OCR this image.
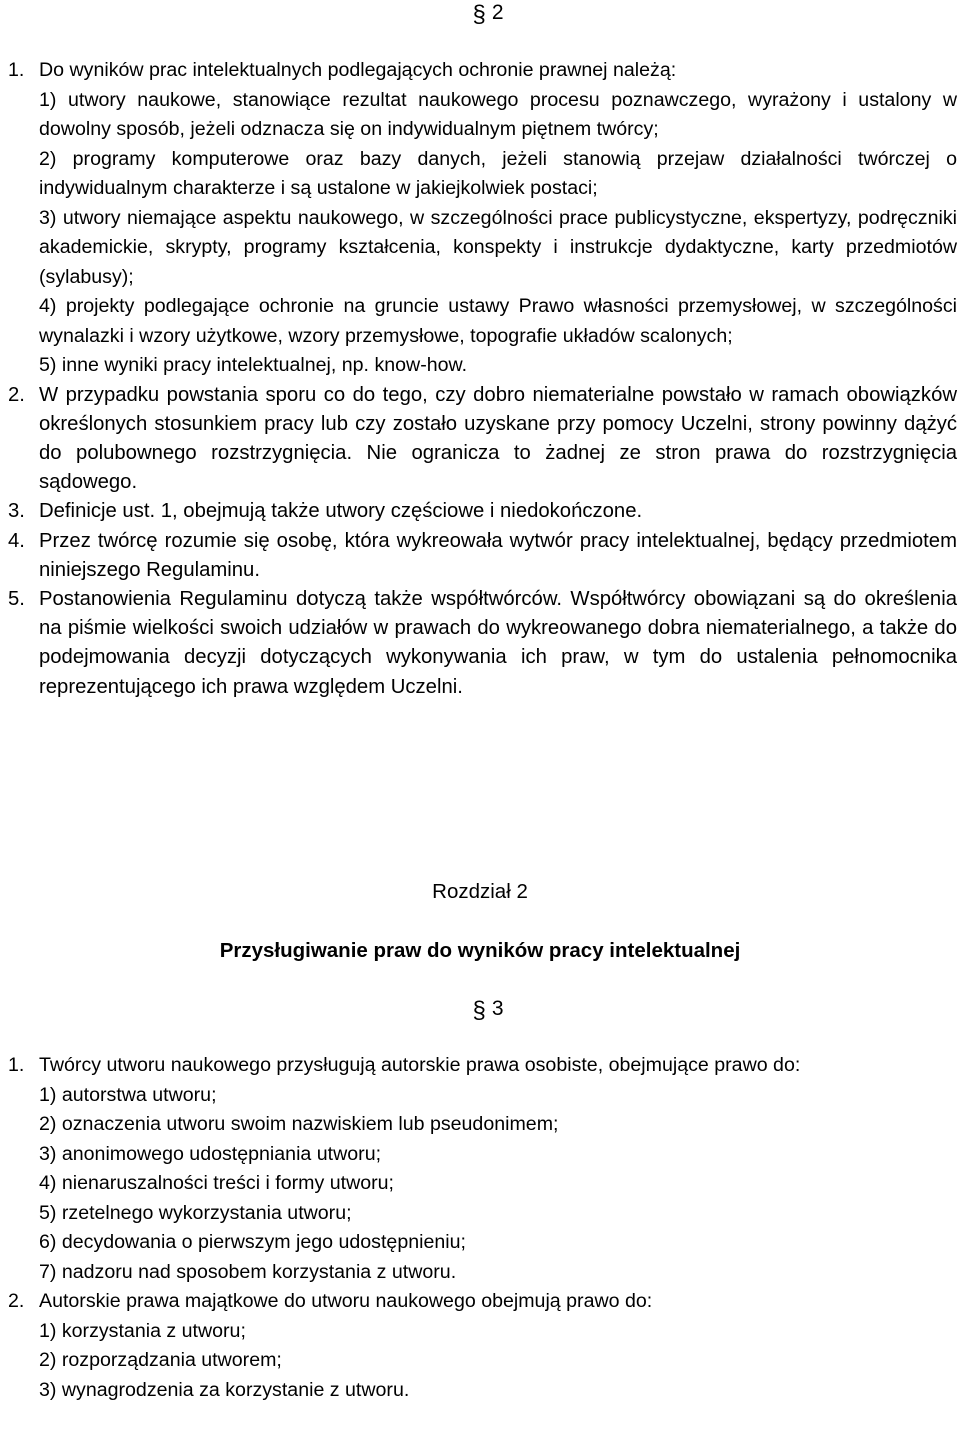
§ 2
1. Do wyników prac intelektualnych podlegających ochronie prawnej należą:
1) utwory naukowe, stanowiące rezultat naukowego procesu poznawczego, wyrażony i ustalony w dowolny sposób, jeżeli odznacza się on indywidualnym piętnem twórcy;
2) programy komputerowe oraz bazy danych, jeżeli stanowią przejaw działalności twórczej o indywidualnym charakterze i są ustalone w jakiejkolwiek postaci;
3) utwory niemające aspektu naukowego, w szczególności prace publicystyczne, ekspertyzy, podręczniki akademickie, skrypty, programy kształcenia, konspekty i instrukcje dydaktyczne, karty przedmiotów (sylabusy);
4) projekty podlegające ochronie na gruncie ustawy Prawo własności przemysłowej, w szczególności wynalazki i wzory użytkowe, wzory przemysłowe, topografie układów scalonych;
5) inne wyniki pracy intelektualnej, np. know-how.
2. W przypadku powstania sporu co do tego, czy dobro niematerialne powstało w ramach obowiązków określonych stosunkiem pracy lub czy zostało uzyskane przy pomocy Uczelni, strony powinny dążyć do polubownego rozstrzygnięcia. Nie ogranicza to żadnej ze stron prawa do rozstrzygnięcia sądowego.
3. Definicje ust. 1, obejmują także utwory częściowe i niedokończone.
4. Przez twórcę rozumie się osobę, która wykreowała wytwór pracy intelektualnej, będący przedmiotem niniejszego Regulaminu.
5. Postanowienia Regulaminu dotyczą także współtwórców. Współtwórcy obowiązani są do określenia na piśmie wielkości swoich udziałów w prawach do wykreowanego dobra niematerialnego, a także do podejmowania decyzji dotyczących wykonywania ich praw, w tym do ustalenia pełnomocnika reprezentującego ich prawa względem Uczelni.
Rozdział 2
Przysługiwanie praw do wyników pracy intelektualnej
§ 3
1. Twórcy utworu naukowego przysługują autorskie prawa osobiste, obejmujące prawo do:
1) autorstwa utworu;
2) oznaczenia utworu swoim nazwiskiem lub pseudonimem;
3) anonimowego udostępniania utworu;
4) nienaruszalności treści i formy utworu;
5) rzetelnego wykorzystania utworu;
6) decydowania o pierwszym jego udostępnieniu;
7) nadzoru nad sposobem korzystania z utworu.
2. Autorskie prawa majątkowe do utworu naukowego obejmują prawo do:
1) korzystania z utworu;
2) rozporządzania utworem;
3) wynagrodzenia za korzystanie z utworu.
